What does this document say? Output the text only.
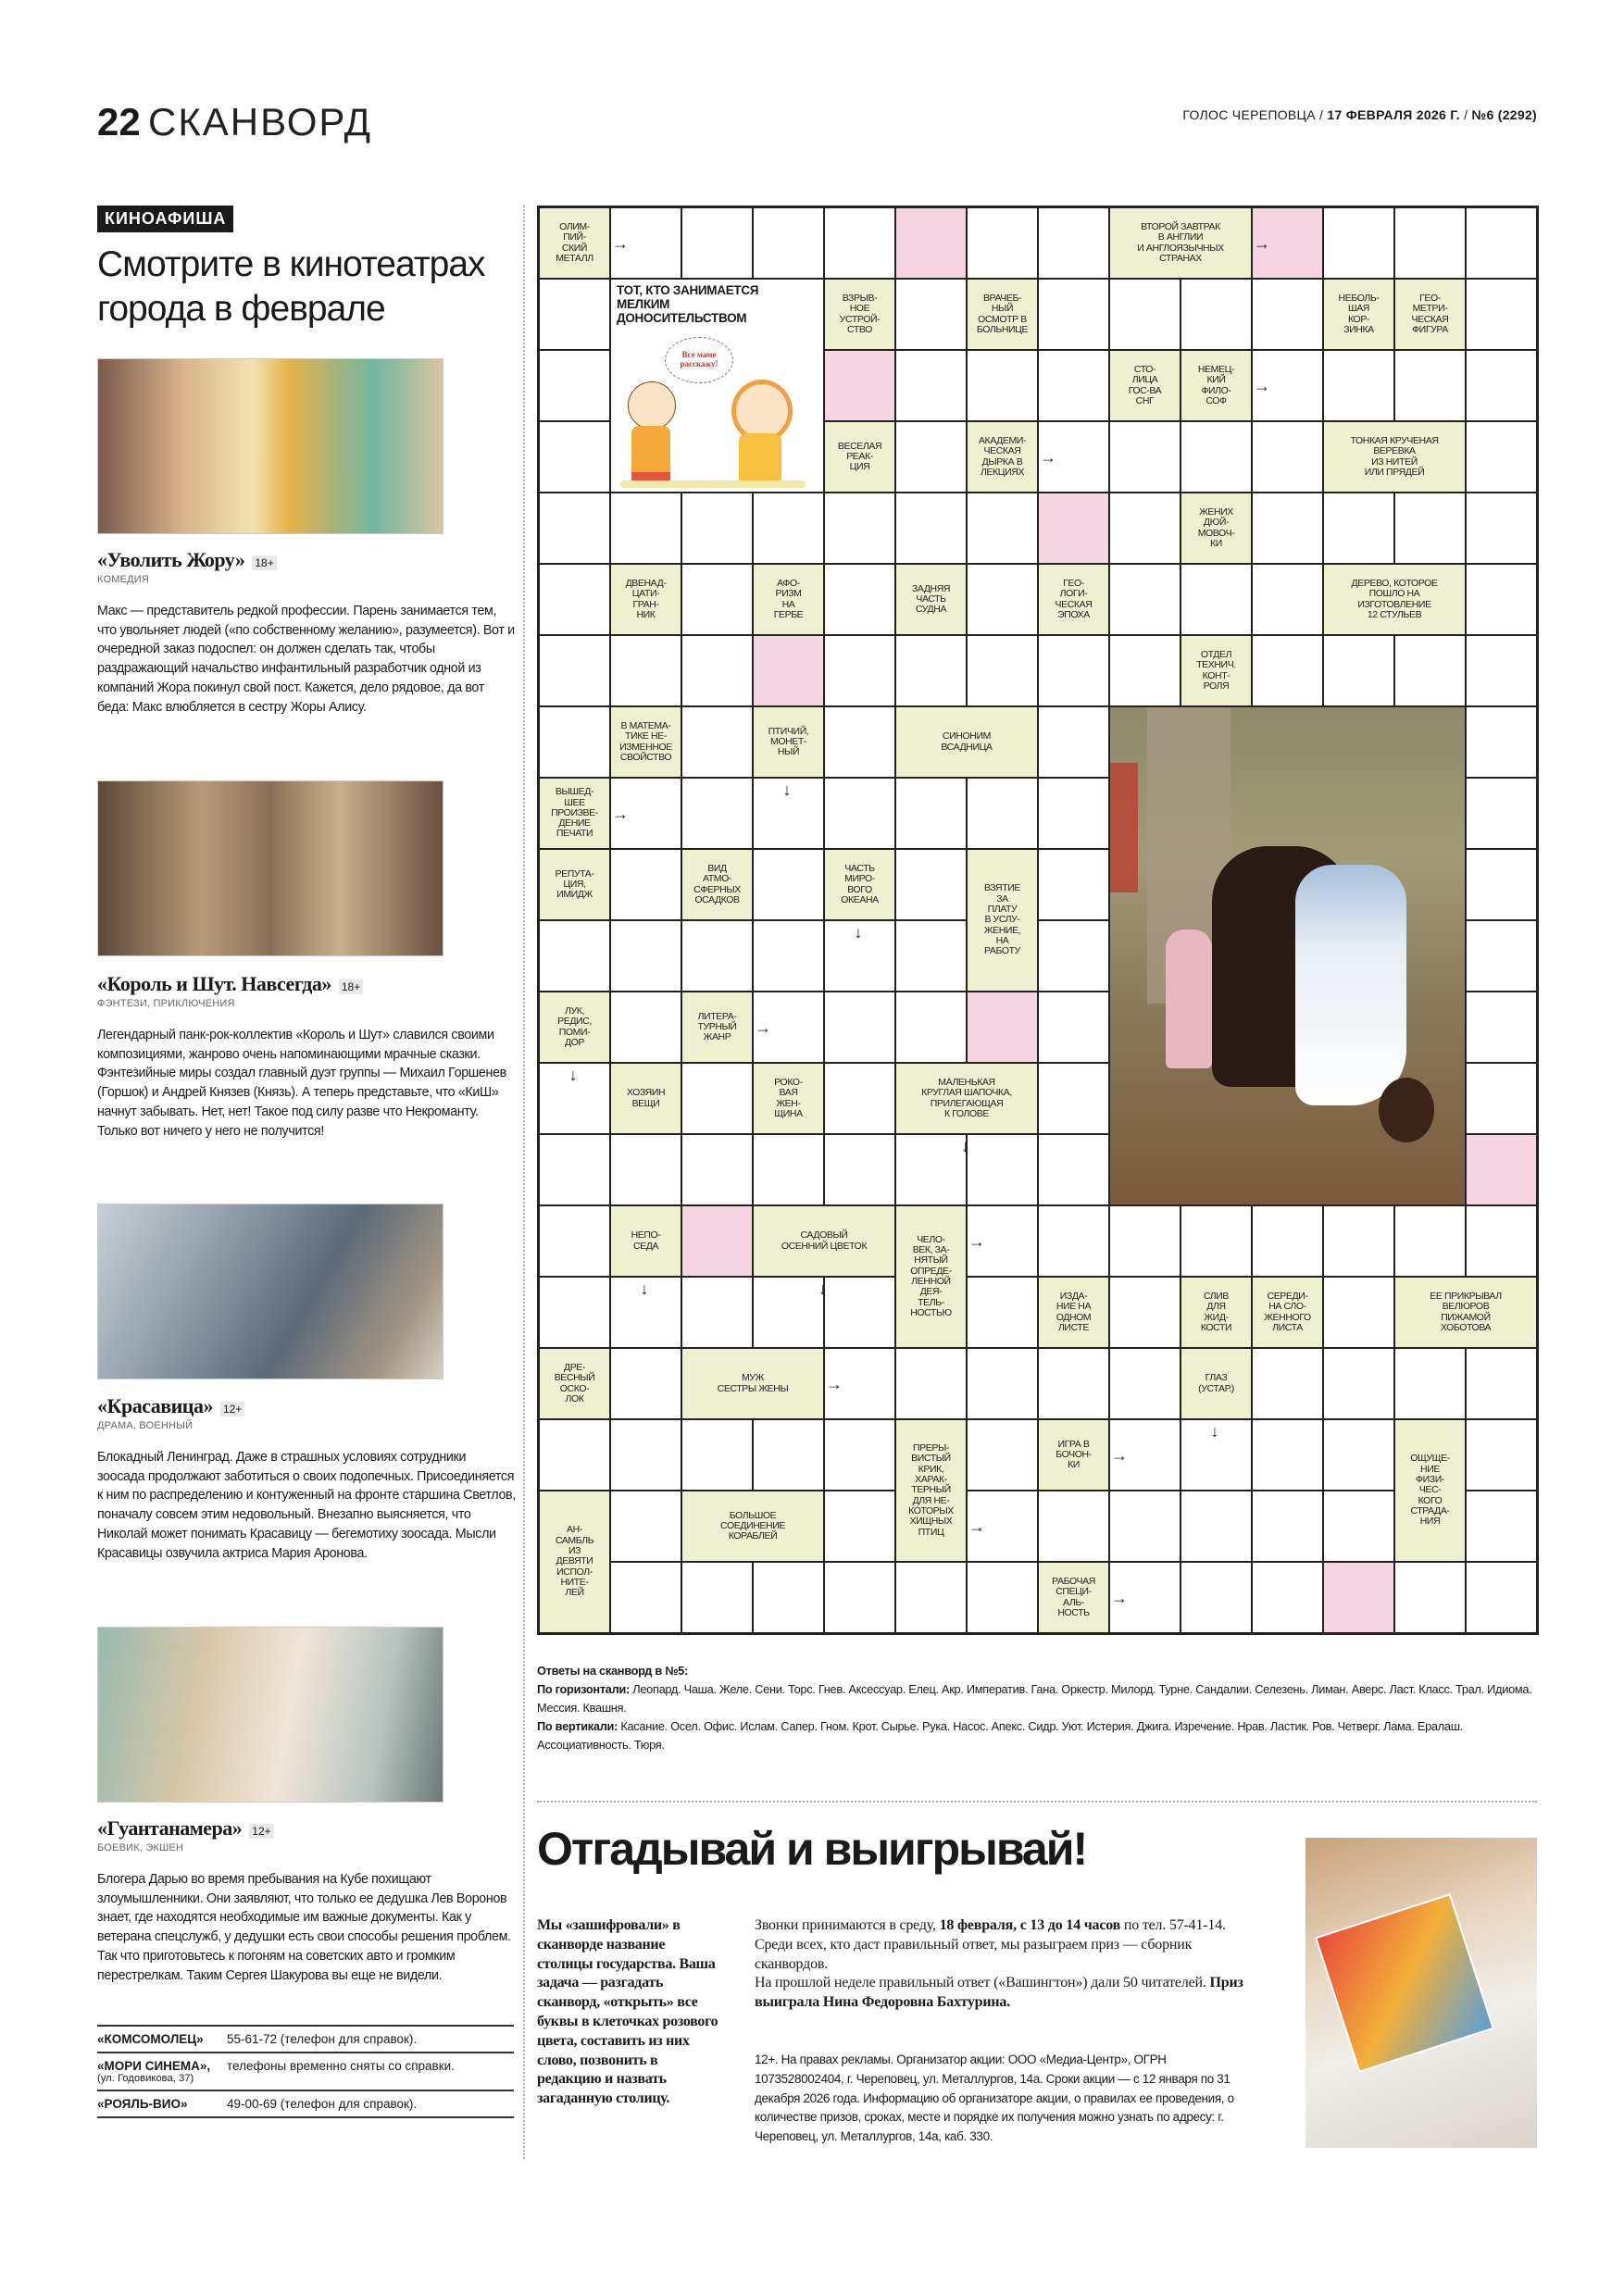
22 СКАНВОРД	ГОЛОС ЧЕРЕПОВЦА / 17 ФЕВРАЛЯ 2026 Г. / №6 (2292)
КИНОАФИША
Смотрите в кинотеатрах города в феврале
«Уволить Жору» 18+
КОМЕДИЯ
Макс — представитель редкой профессии. Парень занимается тем, что увольняет людей («по собственному желанию», разумеется). Вот и очередной заказ подоспел: он должен сделать так, чтобы раздражающий начальство инфантильный разработчик одной из компаний Жора покинул свой пост. Кажется, дело рядовое, да вот беда: Макс влюбляется в сестру Жоры Алису.
«Король и Шут. Навсегда» 18+
ФЭНТЕЗИ, ПРИКЛЮЧЕНИЯ
Легендарный панк-рок-коллектив «Король и Шут» славился своими композициями, жанрово очень напоминающими мрачные сказки. Фэнтезийные миры создал главный дуэт группы — Михаил Горшенев (Горшок) и Андрей Князев (Князь). А теперь представьте, что «КиШ» начнут забывать. Нет, нет! Такое под силу разве что Некроманту. Только вот ничего у него не получится!
«Красавица» 12+
ДРАМА, ВОЕННЫЙ
Блокадный Ленинград. Даже в страшных условиях сотрудники зоосада продолжают заботиться о своих подопечных. Присоединяется к ним по распределению и контуженный на фронте старшина Светлов, поначалу совсем этим недовольный. Внезапно выясняется, что Николай может понимать Красавицу — бегемотиху зоосада. Мысли Красавицы озвучила актриса Мария Аронова.
«Гуантанамера» 12+
БОЕВИК, ЭКШЕН
Блогера Дарью во время пребывания на Кубе похищают злоумышленники. Они заявляют, что только ее дедушка Лев Воронов знает, где находятся необходимые им важные документы. Как у ветерана спецслужб, у дедушки есть свои способы решения проблем. Так что приготовьтесь к погоням на советских авто и громким перестрелкам. Таким Сергея Шакурова вы еще не видели.
«КОМСОМОЛЕЦ»	55-61-72 (телефон для справок).
«МОРИ СИНЕМА»,
(ул. Годовикова, 37)
телефоны временно сняты со справки.
«РОЯЛЬ-ВИО»	49-00-69 (телефон для справок).
ОЛИМ-
ПИЙ-
СКИЙ
МЕТАЛЛ
→
ВТОРОЙ ЗАВТРАК
В АНГЛИИ
И АНГЛОЯЗЫЧНЫХ
СТРАНАХ
→
ВЗРЫВ-
НОЕ
УСТРОЙ-
СТВО
ВРАЧЕБ-
НЫЙ
ОСМОТР В
БОЛЬНИЦЕ
НЕБОЛЬ-
ШАЯ
КОР-
ЗИНКА
ГЕО-
МЕТРИ-
ЧЕСКАЯ
ФИГУРА
СТО-
ЛИЦА
ГОС-ВА
СНГ
НЕМЕЦ-
КИЙ
ФИЛО-
СОФ
→
ВЕСЕЛАЯ
РЕАК-
ЦИЯ
АКАДЕМИ-
ЧЕСКАЯ
ДЫРКА В
ЛЕКЦИЯХ
→
ТОНКАЯ КРУЧЕНАЯ
ВЕРЕВКА
ИЗ НИТЕЙ
ИЛИ ПРЯДЕЙ
ЖЕНИХ
ДЮЙ-
МОВОЧ-
КИ
ДВЕНАД-
ЦАТИ-
ГРАН-
НИК
АФО-
РИЗМ
НА
ГЕРБЕ
ЗАДНЯЯ
ЧАСТЬ
СУДНА
ГЕО-
ЛОГИ-
ЧЕСКАЯ
ЭПОХА
ДЕРЕВО, КОТОРОЕ
ПОШЛО НА
ИЗГОТОВЛЕНИЕ
12 СТУЛЬЕВ
ОТДЕЛ
ТЕХНИЧ.
КОНТ-
РОЛЯ
В МАТЕМА-
ТИКЕ НЕ-
ИЗМЕННОЕ
СВОЙСТВО
ПТИЧИЙ,
МОНЕТ-
НЫЙ
↓
СИНОНИМ
ВСАДНИЦА
ВЫШЕД-
ШЕЕ
ПРОИЗВЕ-
ДЕНИЕ
ПЕЧАТИ
→
РЕПУТА-
ЦИЯ,
ИМИДЖ
ВИД
АТМО-
СФЕРНЫХ
ОСАДКОВ
ЧАСТЬ
МИРО-
ВОГО
ОКЕАНА
↓
ВЗЯТИЕ
ЗА
ПЛАТУ
В УСЛУ-
ЖЕНИЕ,
НА
РАБОТУ
ЛУК,
РЕДИС,
ПОМИ-
ДОР
↓
ЛИТЕРА-
ТУРНЫЙ
ЖАНР
→
ХОЗЯИН
ВЕЩИ
РОКО-
ВАЯ
ЖЕН-
ЩИНА
МАЛЕНЬКАЯ
КРУГЛАЯ ШАПОЧКА,
ПРИЛЕГАЮЩАЯ
К ГОЛОВЕ
↓
НЕПО-
СЕДА
↓
САДОВЫЙ
ОСЕННИЙ ЦВЕТОК
↓
ЧЕЛО-
ВЕК, ЗА-
НЯТЫЙ
ОПРЕДЕ-
ЛЕННОЙ
ДЕЯ-
ТЕЛЬ-
НОСТЬЮ
→
ИЗДА-
НИЕ НА
ОДНОМ
ЛИСТЕ
СЛИВ
ДЛЯ
ЖИД-
КОСТИ
СЕРЕДИ-
НА СЛО-
ЖЕННОГО
ЛИСТА
ЕЕ ПРИКРЫВАЛ
ВЕЛЮРОВ
ПИЖАМОЙ
ХОБОТОВА
ДРЕ-
ВЕСНЫЙ
ОСКО-
ЛОК
МУЖ
СЕСТРЫ ЖЕНЫ	→	ГЛАЗ
(УСТАР.)
↓
ПРЕРЫ-
ВИСТЫЙ
КРИК,
ХАРАК-
ТЕРНЫЙ
ДЛЯ НЕ-
КОТОРЫХ
ХИЩНЫХ
ПТИЦ	→
ИГРА В
БОЧОН-
КИ
→	ОЩУЩЕ-
НИЕ
ФИЗИ-
ЧЕС-
КОГО
СТРАДА-
НИЯ
АН-
САМБЛЬ
ИЗ
ДЕВЯТИ
ИСПОЛ-
НИТЕ-
ЛЕЙ
БОЛЬШОЕ
СОЕДИНЕНИЕ
КОРАБЛЕЙ
РАБОЧАЯ
СПЕЦИ-
АЛЬ-
НОСТЬ
→
ТОТ, КТО ЗАНИМАЕТСЯ
МЕЛКИМ
ДОНОСИТЕЛЬСТВОМ
Все маме расскажу!
Ответы на сканворд в №5:
По горизонтали: Леопард. Чаша. Желе. Сени. Торс. Гнев. Аксессуар. Елец. Акр. Императив. Гана. Оркестр. Милорд. Турне. Сандалии. Селезень. Лиман. Аверс. Ласт. Класс. Трал. Идиома. Мессия. Квашня.
По вертикали: Касание. Осел. Офис. Ислам. Сапер. Гном. Крот. Сырье. Рука. Насос. Апекс. Сидр. Уют. Истерия. Джига. Изречение. Нрав. Ластик. Ров. Четверг. Лама. Ералаш. Ассоциативность. Тюря.
Отгадывай и выигрывай!
Мы «зашифровали» в сканворде название столицы государства. Ваша задача — разгадать сканворд, «открыть» все буквы в клеточках розового цвета, составить из них слово, позвонить в редакцию и назвать загаданную столицу.
Звонки принимаются в среду, 18 февраля, с 13 до 14 часов по тел. 57-41-14. Среди всех, кто даст правильный ответ, мы разыграем приз — сборник сканвордов.
На прошлой неделе правильный ответ («Вашингтон») дали 50 читателей. Приз выиграла Нина Федоровна Бахтурина.
12+. На правах рекламы. Организатор акции: ООО «Медиа-Центр», ОГРН 1073528002404, г. Череповец, ул. Металлургов, 14а. Сроки акции — с 12 января по 31 декабря 2026 года. Информацию об организаторе акции, о правилах ее проведения, о количестве призов, сроках, месте и порядке их получения можно узнать по адресу: г. Череповец, ул. Металлургов, 14а, каб. 330.
